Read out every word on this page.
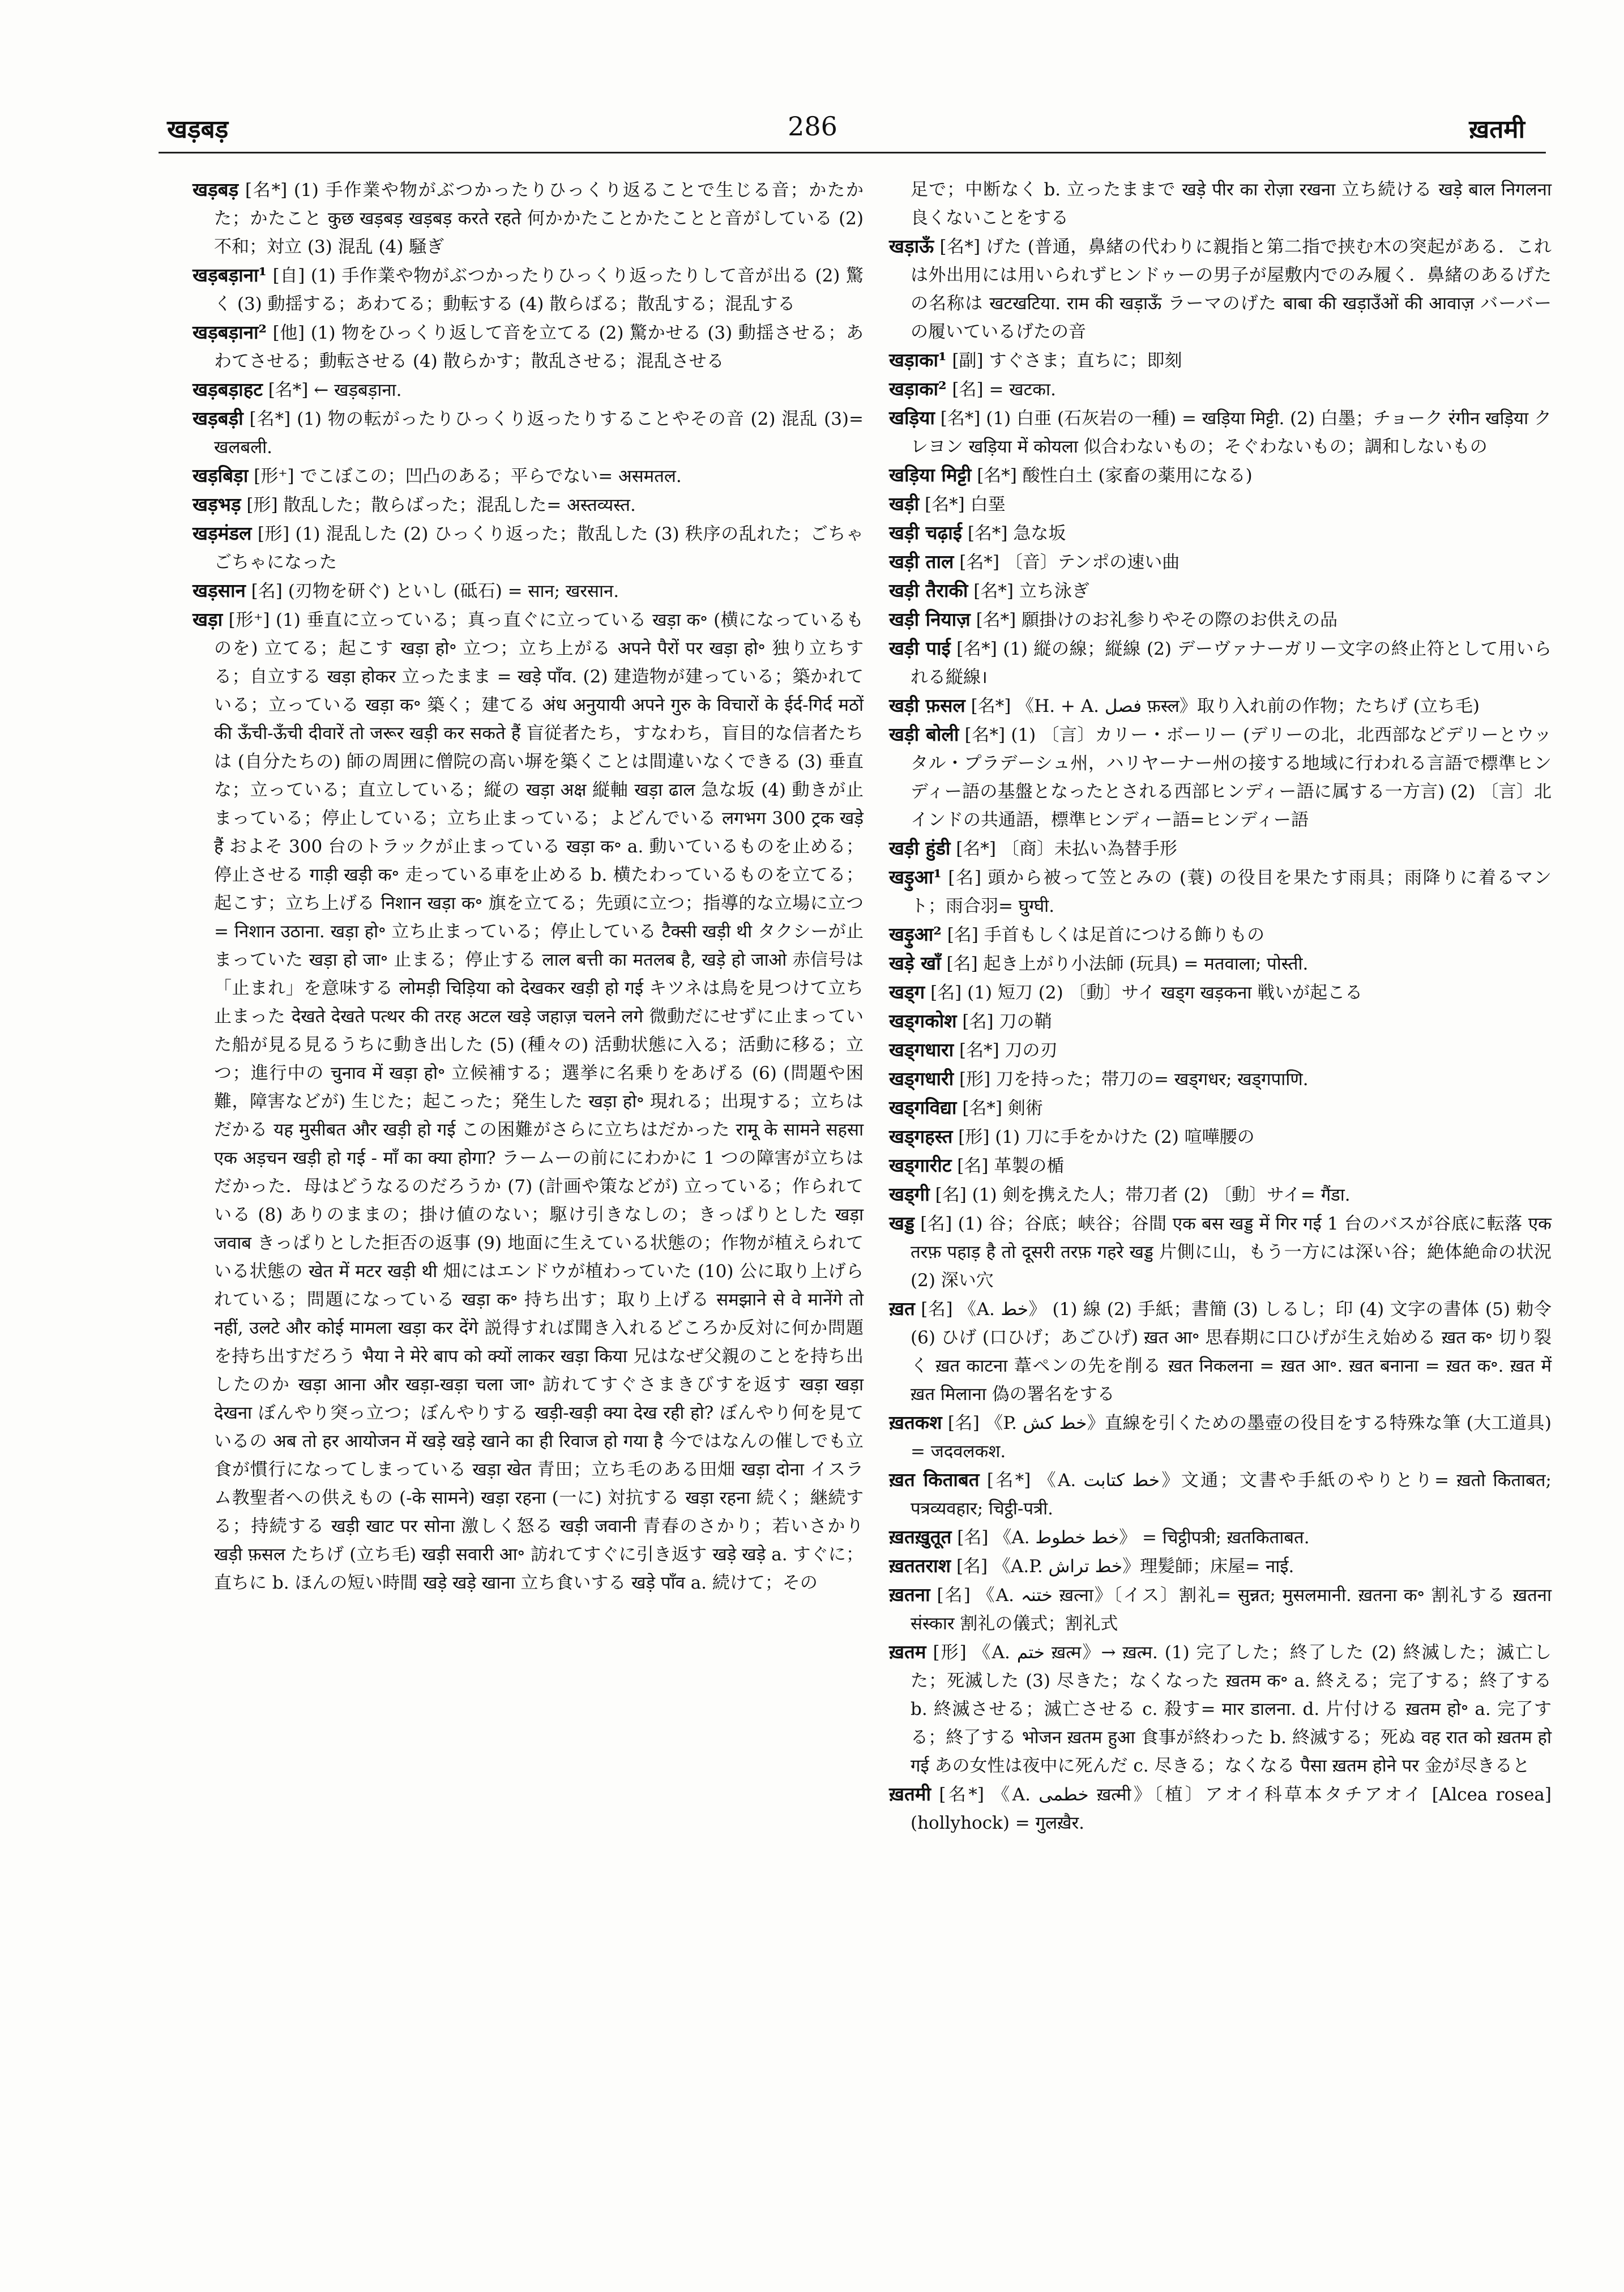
खड़बड़	286	ख़तमी

खड़बड़ [名*] (1) 手作業や物がぶつかったりひっくり返ることで生じる音；かたかた；かたこと कुछ खड़बड़ खड़बड़ करते रहते 何かかたことかたことと音がしている (2) 不和；対立 (3) 混乱 (4) 騒ぎ

खड़बड़ाना¹ [自] (1) 手作業や物がぶつかったりひっくり返ったりして音が出る (2) 驚く (3) 動揺する；あわてる；動転する (4) 散らばる；散乱する；混乱する

खड़बड़ाना² [他] (1) 物をひっくり返して音を立てる (2) 驚かせる (3) 動揺させる；あわてさせる；動転させる (4) 散らかす；散乱させる；混乱させる

खड़बड़ाहट [名*] ← खड़बड़ाना.

खड़बड़ी [名*] (1) 物の転がったりひっくり返ったりすることやその音 (2) 混乱 (3)= खलबली.

खड़बिड़ा [形⁺] でこぼこの；凹凸のある；平らでない= असमतल.

खड़भड़ [形] 散乱した；散らばった；混乱した= अस्तव्यस्त.

खड़मंडल [形] (1) 混乱した (2) ひっくり返った；散乱した (3) 秩序の乱れた；ごちゃごちゃになった

खड़सान [名] (刃物を研ぐ) といし (砥石) = सान; खरसान.

खड़ा [形⁺] (1) 垂直に立っている；真っ直ぐに立っている खड़ा क॰ (横になっているものを) 立てる；起こす खड़ा हो॰ 立つ；立ち上がる अपने पैरों पर खड़ा हो॰ 独り立ちする；自立する खड़ा होकर 立ったまま = खड़े पाँव. (2) 建造物が建っている；築かれている；立っている खड़ा क॰ 築く；建てる अंध अनुयायी अपने गुरु के विचारों के ईर्द-गिर्द मठों की ऊँची-ऊँची दीवारें तो जरूर खड़ी कर सकते हैं 盲従者たち，すなわち，盲目的な信者たちは (自分たちの) 師の周囲に僧院の高い塀を築くことは間違いなくできる (3) 垂直な；立っている；直立している；縦の खड़ा अक्ष 縦軸 खड़ा ढाल 急な坂 (4) 動きが止まっている；停止している；立ち止まっている；よどんでいる लगभग 300 ट्रक खड़े हैं およそ 300 台のトラックが止まっている खड़ा क॰ a. 動いているものを止める；停止させる गाड़ी खड़ी क॰ 走っている車を止める b. 横たわっているものを立てる；起こす；立ち上げる निशान खड़ा क॰ 旗を立てる；先頭に立つ；指導的な立場に立つ= निशान उठाना. खड़ा हो॰ 立ち止まっている；停止している टैक्सी खड़ी थी タクシーが止まっていた खड़ा हो जा॰ 止まる；停止する लाल बत्ती का मतलब है, खड़े हो जाओ 赤信号は「止まれ」を意味する लोमड़ी चिड़िया को देखकर खड़ी हो गई キツネは鳥を見つけて立ち止まった देखते देखते पत्थर की तरह अटल खड़े जहाज़ चलने लगे 微動だにせずに止まっていた船が見る見るうちに動き出した (5) (種々の) 活動状態に入る；活動に移る；立つ；進行中の चुनाव में खड़ा हो॰ 立候補する；選挙に名乗りをあげる (6) (問題や困難，障害などが) 生じた；起こった；発生した खड़ा हो॰ 現れる；出現する；立ちはだかる यह मुसीबत और खड़ी हो गई この困難がさらに立ちはだかった रामू के सामने सहसा एक अड़चन खड़ी हो गई - माँ का क्या होगा? ラームーの前ににわかに 1 つの障害が立ちはだかった．母はどうなるのだろうか (7) (計画や策などが) 立っている；作られている (8) ありのままの；掛け値のない；駆け引きなしの；きっぱりとした खड़ा जवाब きっぱりとした拒否の返事 (9) 地面に生えている状態の；作物が植えられている状態の खेत में मटर खड़ी थी 畑にはエンドウが植わっていた (10) 公に取り上げられている；問題になっている खड़ा क॰ 持ち出す；取り上げる समझाने से वे मानेंगे तो नहीं, उलटे और कोई मामला खड़ा कर देंगे 説得すれば聞き入れるどころか反対に何か問題を持ち出すだろう भैया ने मेरे बाप को क्यों लाकर खड़ा किया 兄はなぜ父親のことを持ち出したのか खड़ा आना और खड़ा-खड़ा चला जा॰ 訪れてすぐさまきびすを返す खड़ा खड़ा देखना ぼんやり突っ立つ；ぼんやりする खड़ी-खड़ी क्या देख रही हो? ぼんやり何を見ているの अब तो हर आयोजन में खड़े खड़े खाने का ही रिवाज हो गया है 今ではなんの催しでも立食が慣行になってしまっている खड़ा खेत 青田；立ち毛のある田畑 खड़ा दोना イスラム教聖者への供えもの (-के सामने) खड़ा रहना (一に) 対抗する खड़ा रहना 続く；継続する；持続する खड़ी खाट पर सोना 激しく怒る खड़ी जवानी 青春のさかり；若いさかり खड़ी फ़सल たちげ (立ち毛) खड़ी सवारी आ॰ 訪れてすぐに引き返す खड़े खड़े a. すぐに；直ちに b. ほんの短い時間 खड़े खड़े खाना 立ち食いする खड़े पाँव a. 続けて；その

足で；中断なく b. 立ったままで खड़े पीर का रोज़ा रखना 立ち続ける खड़े बाल निगलना 良くないことをする

खड़ाऊँ [名*] げた (普通，鼻緒の代わりに親指と第二指で挟む木の突起がある．これは外出用には用いられずヒンドゥーの男子が屋敷内でのみ履く．鼻緒のあるげたの名称は खटखटिया. राम की खड़ाऊँ ラーマのげた बाबा की खड़ाउँओं की आवाज़ バーバーの履いているげたの音

खड़ाका¹ [副] すぐさま；直ちに；即刻

खड़ाका² [名] = खटका.

खड़िया [名*] (1) 白亜 (石灰岩の一種) = खड़िया मिट्टी. (2) 白墨；チョーク रंगीन खड़िया クレヨン खड़िया में कोयला 似合わないもの；そぐわないもの；調和しないもの

खड़िया मिट्टी [名*] 酸性白土 (家畜の薬用になる)

खड़ी [名*] 白堊

खड़ी चढ़ाई [名*] 急な坂

खड़ी ताल [名*] 〔音〕テンポの速い曲

खड़ी तैराकी [名*] 立ち泳ぎ

खड़ी नियाज़ [名*] 願掛けのお礼参りやその際のお供えの品

खड़ी पाई [名*] (1) 縦の線；縦線 (2) デーヴァナーガリー文字の終止符として用いられる縦線।

खड़ी फ़सल [名*] 《H. + A. فصل फ़स्ल》取り入れ前の作物；たちげ (立ち毛)

खड़ी बोली [名*] (1) 〔言〕カリー・ボーリー (デリーの北，北西部などデリーとウッタル・プラデーシュ州，ハリヤーナー州の接する地域に行われる言語で標準ヒンディー語の基盤となったとされる西部ヒンディー語に属する一方言) (2) 〔言〕北インドの共通語，標準ヒンディー語=ヒンディー語

खड़ी हुंडी [名*] 〔商〕未払い為替手形

खड़ुआ¹ [名] 頭から被って笠とみの (蓑) の役目を果たす雨具；雨降りに着るマント；雨合羽= घुग्घी.

खड़ुआ² [名] 手首もしくは足首につける飾りもの

खड़े खाँ [名] 起き上がり小法師 (玩具) = मतवाला; पोस्ती.

खड्ग [名] (1) 短刀 (2) 〔動〕サイ खड्ग खड़कना 戦いが起こる

खड्गकोश [名] 刀の鞘

खड्गधारा [名*] 刀の刃

खड्गधारी [形] 刀を持った；帯刀の= खड्गधर; खड्गपाणि.

खड्गविद्या [名*] 剣術

खड्गहस्त [形] (1) 刀に手をかけた (2) 喧嘩腰の

खड्गारीट [名] 革製の楯

खड्गी [名] (1) 剣を携えた人；帯刀者 (2) 〔動〕サイ= गैंडा.

खड्ड [名] (1) 谷；谷底；峡谷；谷間 एक बस खड्ड में गिर गई 1 台のバスが谷底に転落 एक तरफ़ पहाड़ है तो दूसरी तरफ़ गहरे खड्ड 片側に山，もう一方には深い谷；絶体絶命の状況 (2) 深い穴

ख़त [名] 《A. خط》 (1) 線 (2) 手紙；書簡 (3) しるし；印 (4) 文字の書体 (5) 勅令 (6) ひげ (口ひげ；あごひげ) ख़त आ॰ 思春期に口ひげが生え始める ख़त क॰ 切り裂く ख़त काटना 葦ペンの先を削る ख़त निकलना = ख़त आ॰. ख़त बनाना = ख़त क॰. ख़त में ख़त मिलाना 偽の署名をする

ख़तकश [名] 《P. خط کش》直線を引くための墨壺の役目をする特殊な筆 (大工道具) = जदवलकश.

ख़त किताबत [名*] 《A. خط کتابت》文通；文書や手紙のやりとり= ख़तो किताबत; पत्रव्यवहार; चिट्ठी-पत्री.

ख़तख़ुतूत [名] 《A. خط خطوط》 = चिट्ठीपत्री; ख़तकिताबत.

ख़ततराश [名] 《A.P. خط تراش》理髪師；床屋= नाई.

ख़तना [名] 《A. ختنہ ख़त्ना》〔イス〕割礼= सुन्नत; मुसलमानी. ख़तना क॰ 割礼する ख़तना संस्कार 割礼の儀式；割礼式

ख़तम [形] 《A. ختم ख़त्म》→ ख़त्म. (1) 完了した；終了した (2) 終滅した；滅亡した；死滅した (3) 尽きた；なくなった ख़तम क॰ a. 終える；完了する；終了する b. 終滅させる；滅亡させる c. 殺す= मार डालना. d. 片付ける ख़तम हो॰ a. 完了する；終了する भोजन ख़तम हुआ 食事が終わった b. 終滅する；死ぬ वह रात को ख़तम हो गई あの女性は夜中に死んだ c. 尽きる；なくなる पैसा ख़तम होने पर 金が尽きると

ख़तमी [名*] 《A. خطمی ख़त्मी》〔植〕アオイ科草本タチアオイ [Alcea rosea] (hollyhock) = गुलख़ैर.
